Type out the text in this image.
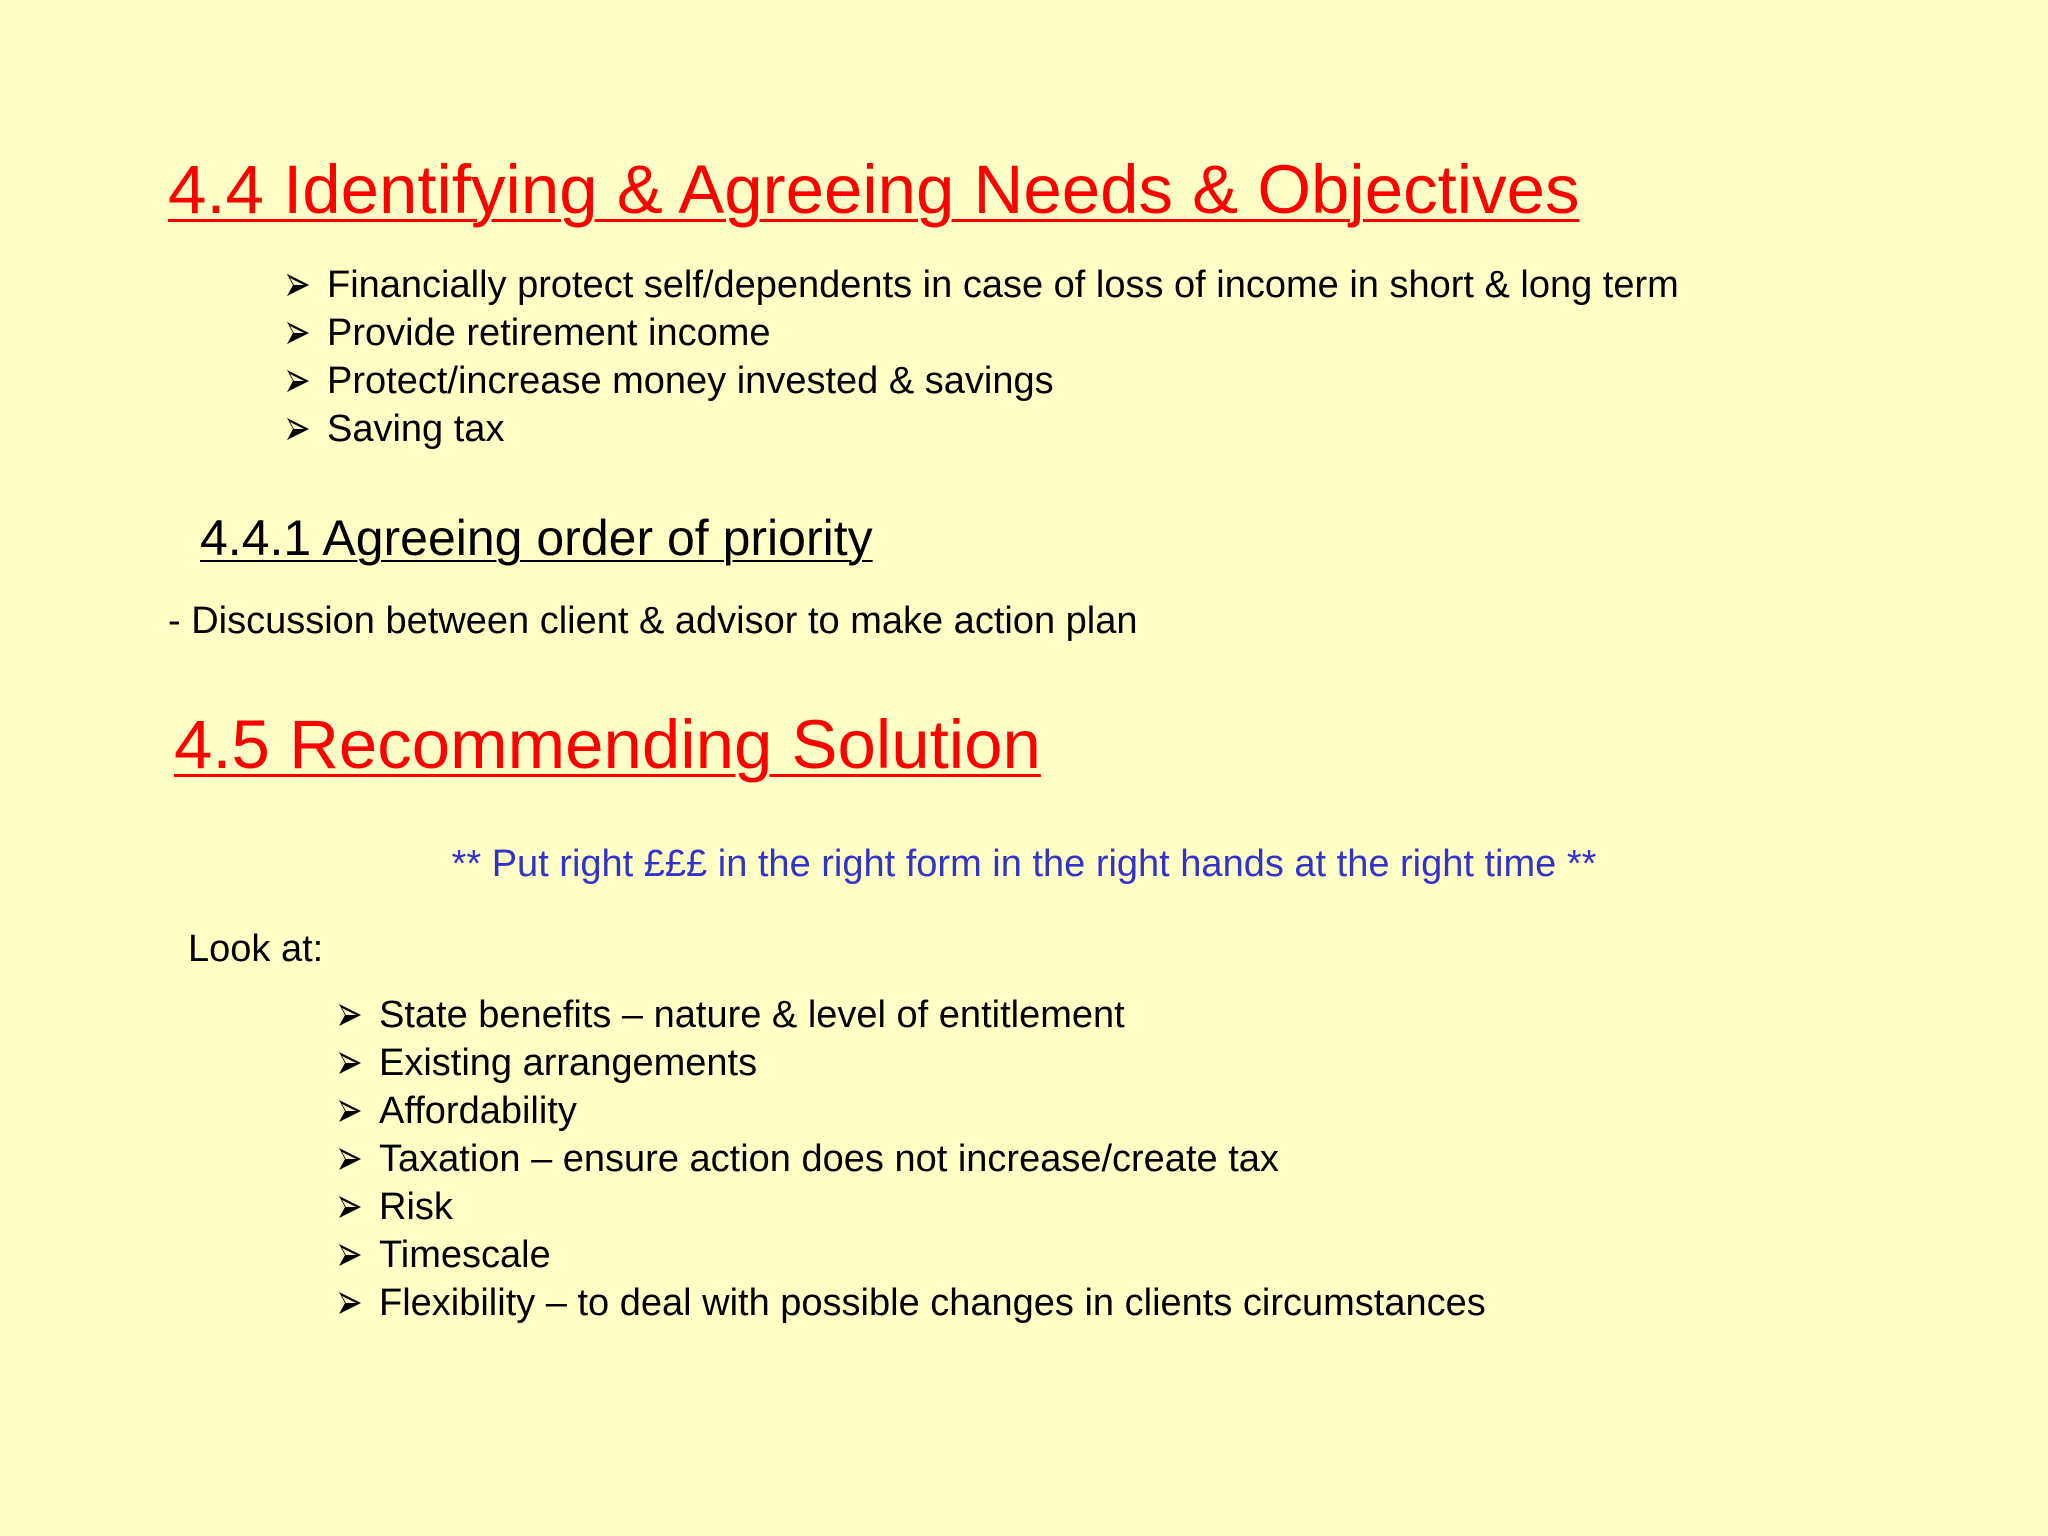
4.4 Identifying & Agreeing Needs & Objectives
Financially protect self/dependents in case of loss of income in short & long term
Provide retirement income
Protect/increase money invested & savings
Saving tax
4.4.1 Agreeing order of priority
- Discussion between client & advisor to make action plan
4.5 Recommending Solution
** Put right £££ in the right form in the right hands at the right time **
Look at:
State benefits – nature & level of entitlement
Existing arrangements
Affordability
Taxation – ensure action does not increase/create tax
Risk
Timescale
Flexibility – to deal with possible changes in clients circumstances
